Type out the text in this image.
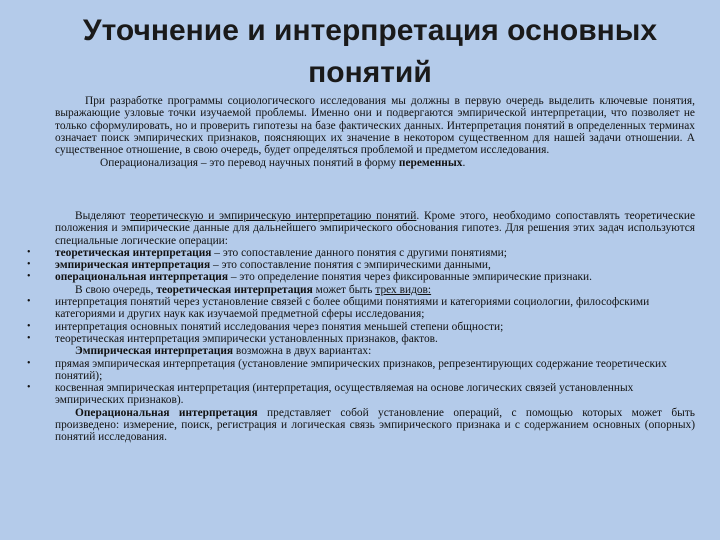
Уточнение и интерпретация основных понятий

При разработке программы социологического исследования мы должны в первую очередь выделить ключевые понятия, выражающие узловые точки изучаемой проблемы. Именно они и подвергаются эмпирической интерпретации, что позволяет не только сформулировать, но и проверить гипотезы на базе фактических данных. Интерпретация понятий в определенных терминах означает поиск эмпирических признаков, поясняющих их значение в некотором существенном для нашей задачи отношении. А существенное отношение, в свою очередь, будет определяться проблемой и предметом исследования.

Операционализация – это перевод научных понятий в форму переменных.

Выделяют теоретическую и эмпирическую интерпретацию понятий. Кроме этого, необходимо сопоставлять теоретические положения и эмпирические данные для дальнейшего эмпирического обоснования гипотез. Для решения этих задач используются специальные логические операции:

• теоретическая интерпретация – это сопоставление данного понятия с другими понятиями;
• эмпирическая интерпретация – это сопоставление понятия с эмпирическими данными,
• операциональная интерпретация – это определение понятия через фиксированные эмпирические признаки.

В свою очередь, теоретическая интерпретация может быть трех видов:

• интерпретация понятий через установление связей с более общими понятиями и категориями социологии, философскими категориями и других наук как изучаемой предметной сферы исследования;
• интерпретация основных понятий исследования через понятия меньшей степени общности;
• теоретическая интерпретация эмпирически установленных признаков, фактов.

Эмпирическая интерпретация возможна в двух вариантах:

• прямая эмпирическая интерпретация (установление эмпирических признаков, репрезентирующих содержание теоретических понятий);
• косвенная эмпирическая интерпретация (интерпретация, осуществляемая на основе логических связей установленных эмпирических признаков).

Операциональная интерпретация представляет собой установление операций, с помощью которых может быть произведено: измерение, поиск, регистрация и логическая связь эмпирического признака и с содержанием основных (опорных) понятий исследования.
